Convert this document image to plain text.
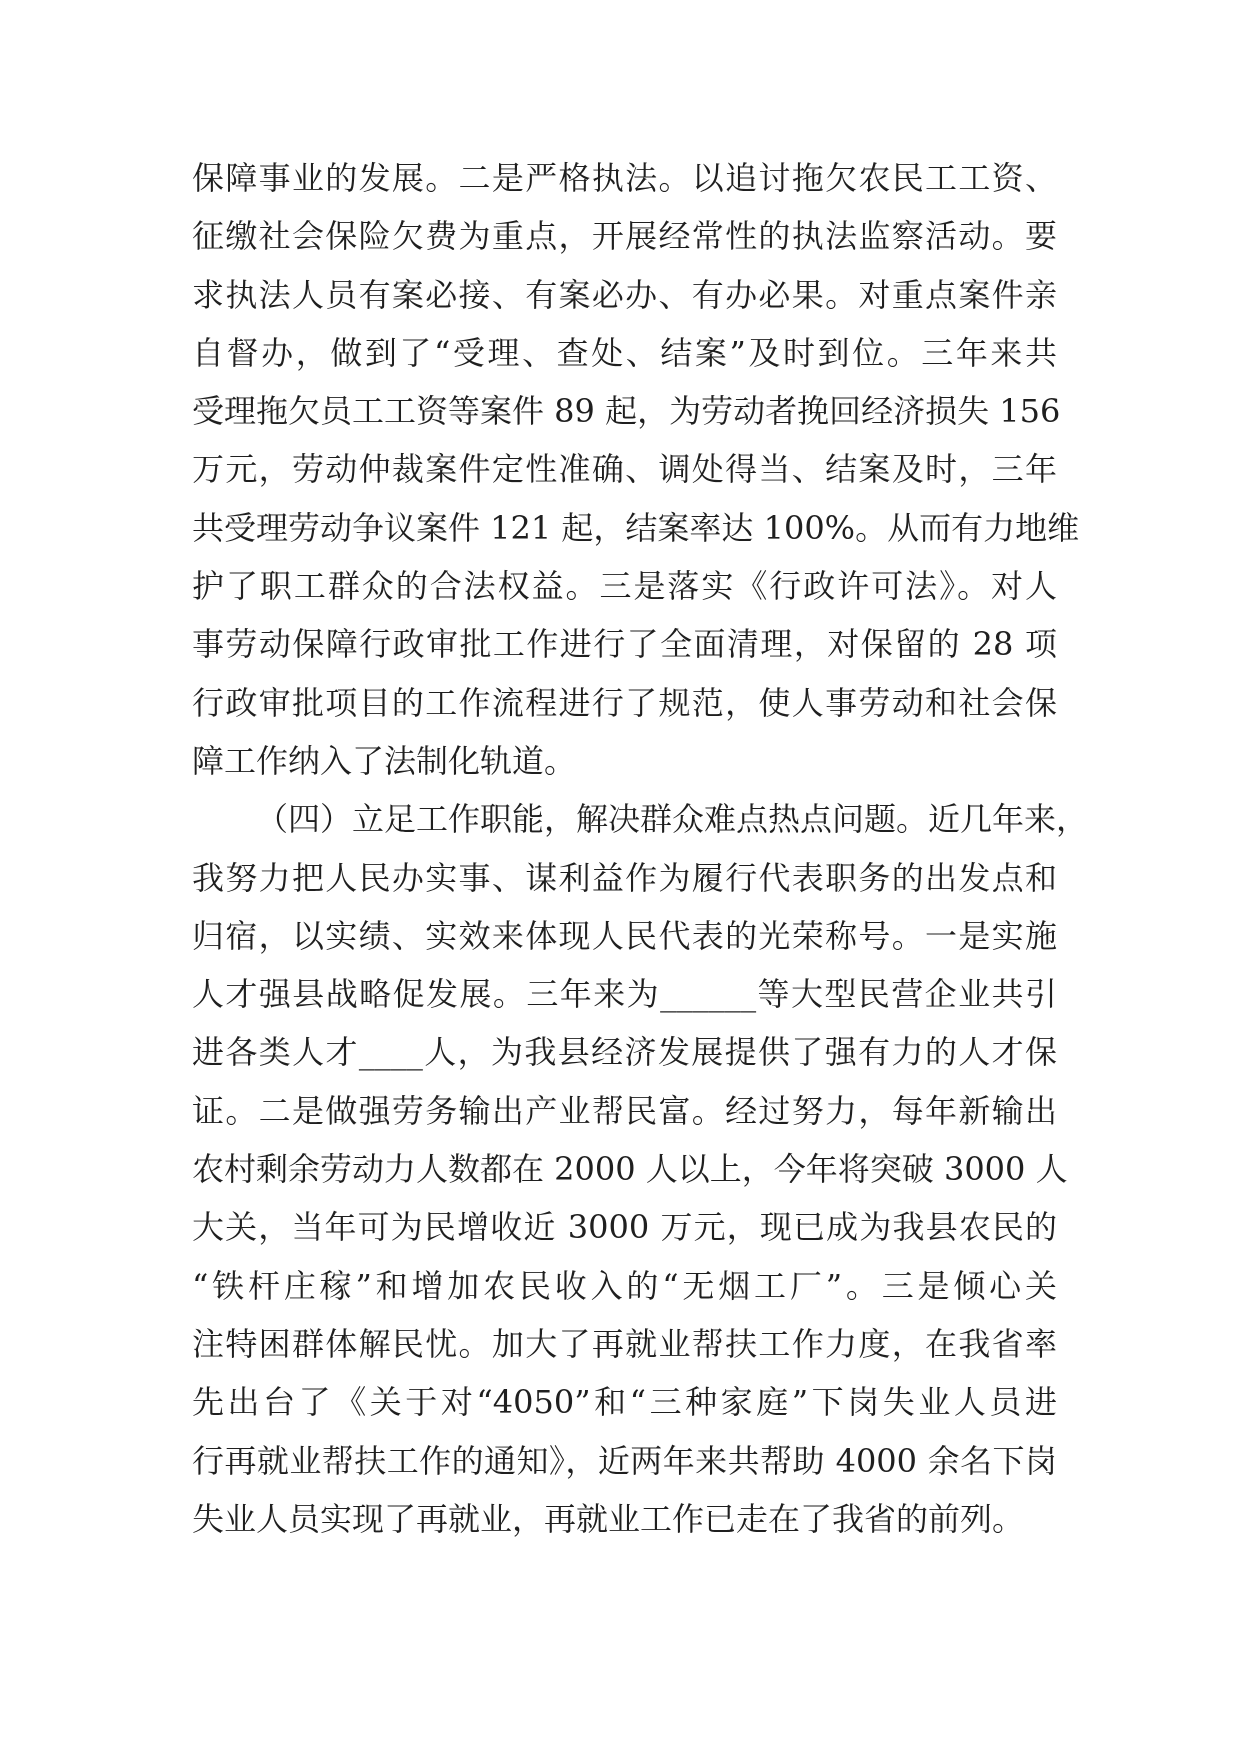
保障事业的发展。二是严格执法。以追讨拖欠农民工工资、
征缴社会保险欠费为重点，开展经常性的执法监察活动。要
求执法人员有案必接、有案必办、有办必果。对重点案件亲
自督办，做到了“受理、查处、结案”及时到位。三年来共
受理拖欠员工工资等案件 89 起，为劳动者挽回经济损失 156
万元，劳动仲裁案件定性准确、调处得当、结案及时，三年
共受理劳动争议案件 121 起，结案率达 100%。从而有力地维
护了职工群众的合法权益。三是落实《行政许可法》。对人
事劳动保障行政审批工作进行了全面清理，对保留的 28 项
行政审批项目的工作流程进行了规范，使人事劳动和社会保
障工作纳入了法制化轨道。
（四）立足工作职能，解决群众难点热点问题。近几年来，
我努力把人民办实事、谋利益作为履行代表职务的出发点和
归宿，以实绩、实效来体现人民代表的光荣称号。一是实施
人才强县战略促发展。三年来为______等大型民营企业共引
进各类人才____人，为我县经济发展提供了强有力的人才保
证。二是做强劳务输出产业帮民富。经过努力，每年新输出
农村剩余劳动力人数都在 2000 人以上，今年将突破 3000 人
大关，当年可为民增收近 3000 万元，现已成为我县农民的
“铁杆庄稼”和增加农民收入的“无烟工厂”。三是倾心关
注特困群体解民忧。加大了再就业帮扶工作力度，在我省率
先出台了《关于对“4050”和“三种家庭”下岗失业人员进
行再就业帮扶工作的通知》，近两年来共帮助 4000 余名下岗
失业人员实现了再就业，再就业工作已走在了我省的前列。
